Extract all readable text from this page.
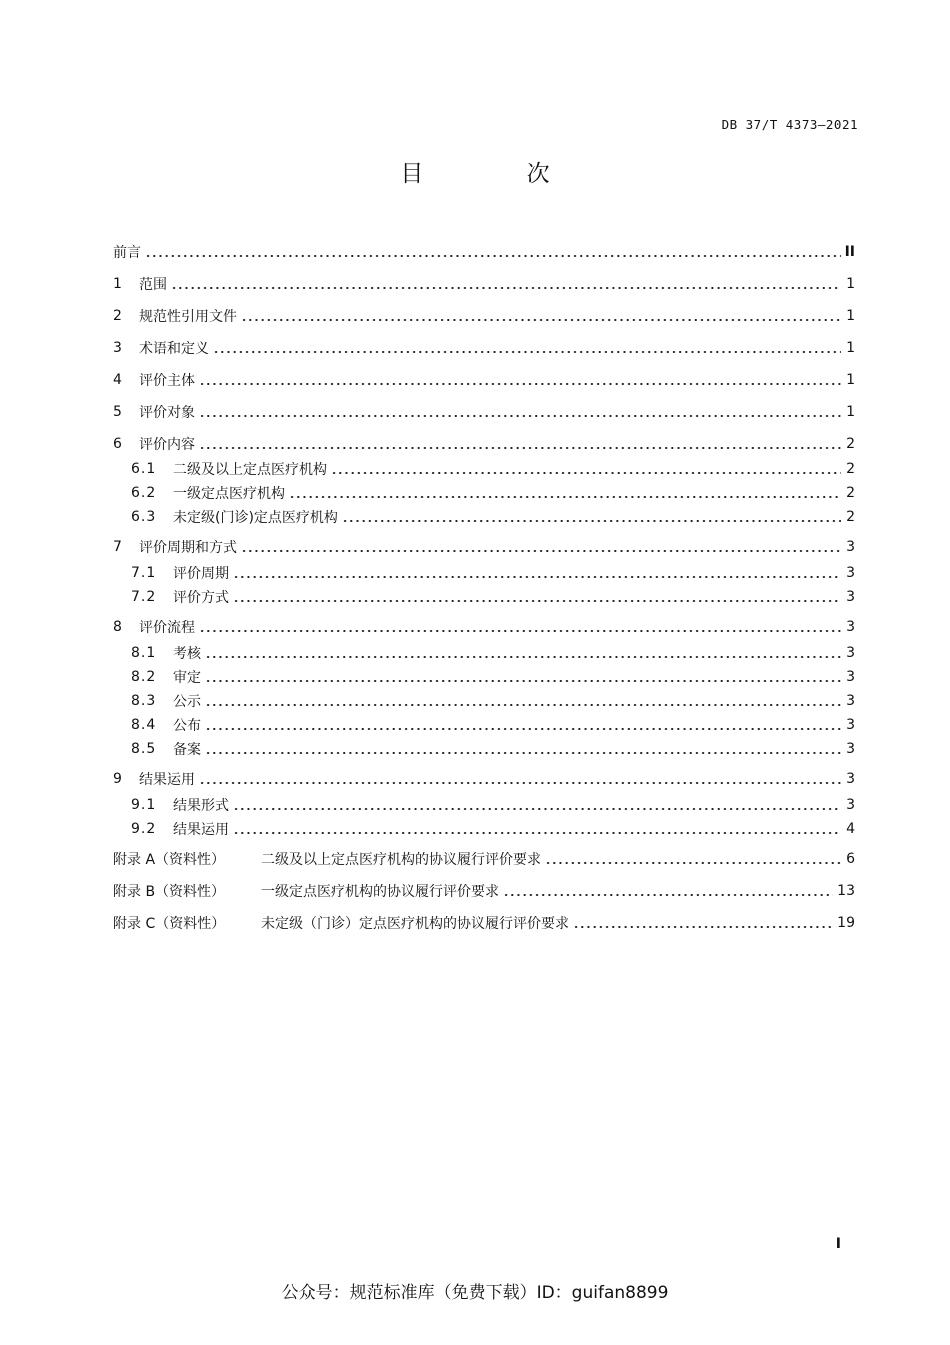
DB 37/T 4373—2021
目 次
前言	II
1	范围	1
2	规范性引用文件	1
3	术语和定义	1
4	评价主体	1
5	评价对象	1
6	评价内容	2
6.1	二级及以上定点医疗机构	2
6.2	一级定点医疗机构	2
6.3	未定级(门诊)定点医疗机构	2
7	评价周期和方式	3
7.1	评价周期	3
7.2	评价方式	3
8	评价流程	3
8.1	考核	3
8.2	审定	3
8.3	公示	3
8.4	公布	3
8.5	备案	3
9	结果运用	3
9.1	结果形式	3
9.2	结果运用	4
附录 A（资料性）	二级及以上定点医疗机构的协议履行评价要求	6
附录 B（资料性）	一级定点医疗机构的协议履行评价要求	13
附录 C（资料性）	未定级（门诊）定点医疗机构的协议履行评价要求	19
I
公众号：规范标准库（免费下载）ID：guifan8899
